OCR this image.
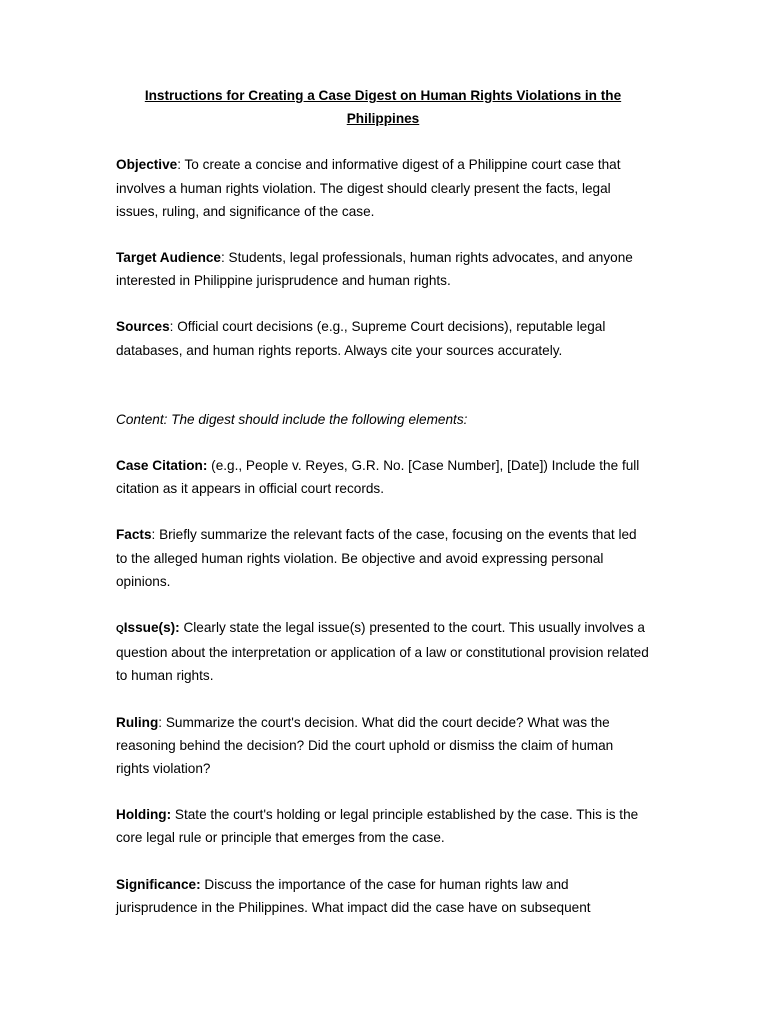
Instructions for Creating a Case Digest on Human Rights Violations in the Philippines

Objective: To create a concise and informative digest of a Philippine court case that involves a human rights violation. The digest should clearly present the facts, legal issues, ruling, and significance of the case.

Target Audience: Students, legal professionals, human rights advocates, and anyone interested in Philippine jurisprudence and human rights.

Sources: Official court decisions (e.g., Supreme Court decisions), reputable legal databases, and human rights reports. Always cite your sources accurately.

Content: The digest should include the following elements:

Case Citation: (e.g., People v. Reyes, G.R. No. [Case Number], [Date]) Include the full citation as it appears in official court records.

Facts: Briefly summarize the relevant facts of the case, focusing on the events that led to the alleged human rights violation. Be objective and avoid expressing personal opinions.

QIssue(s): Clearly state the legal issue(s) presented to the court. This usually involves a question about the interpretation or application of a law or constitutional provision related to human rights.

Ruling: Summarize the court's decision. What did the court decide? What was the reasoning behind the decision? Did the court uphold or dismiss the claim of human rights violation?

Holding: State the court's holding or legal principle established by the case. This is the core legal rule or principle that emerges from the case.

Significance: Discuss the importance of the case for human rights law and jurisprudence in the Philippines. What impact did the case have on subsequent
